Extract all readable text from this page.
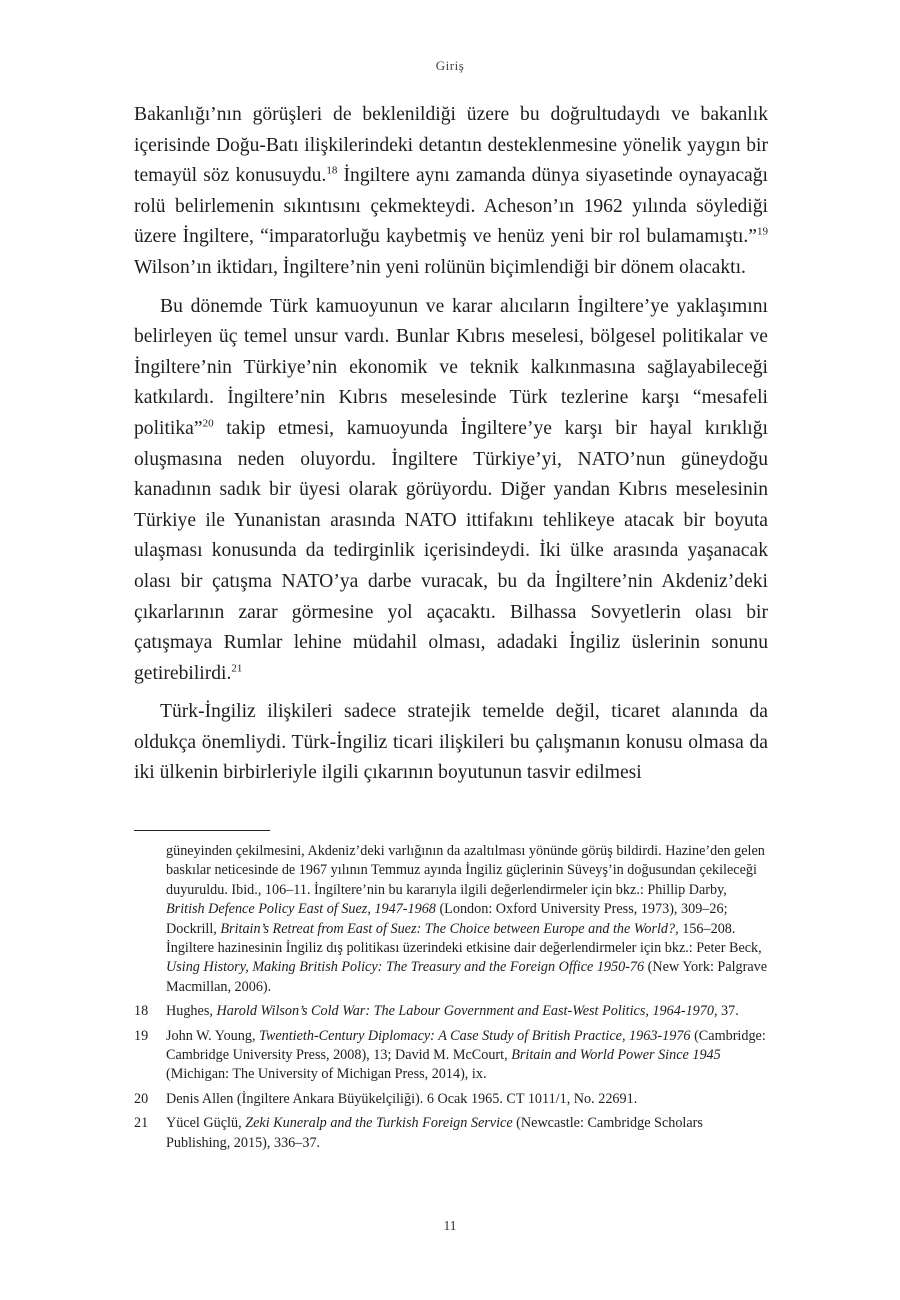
Giriş

Bakanlığı’nın görüşleri de beklenildiği üzere bu doğrultudaydı ve bakanlık içerisinde Doğu-Batı ilişkilerindeki detantın desteklenmesine yönelik yaygın bir temayül söz konusuydu.$^{18}$ İngiltere aynı zamanda dünya siyasetinde oynayacağı rolü belirlemenin sıkıntısını çekmekteydi. Acheson’ın 1962 yılında söylediği üzere İngiltere, “imparatorluğu kaybetmiş ve henüz yeni bir rol bulamamıştı.”$^{19}$ Wilson’ın iktidarı, İngiltere’nin yeni rolünün biçimlendiği bir dönem olacaktı.

Bu dönemde Türk kamuoyunun ve karar alıcıların İngiltere’ye yaklaşımını belirleyen üç temel unsur vardı. Bunlar Kıbrıs meselesi, bölgesel politikalar ve İngiltere’nin Türkiye’nin ekonomik ve teknik kalkınmasına sağlayabileceği katkılardı. İngiltere’nin Kıbrıs meselesinde Türk tezlerine karşı “mesafeli politika”$^{20}$ takip etmesi, kamuoyunda İngiltere’ye karşı bir hayal kırıklığı oluşmasına neden oluyordu. İngiltere Türkiye’yi, NATO’nun güneydoğu kanadının sadık bir üyesi olarak görüyordu. Diğer yandan Kıbrıs meselesinin Türkiye ile Yunanistan arasında NATO ittifakını tehlikeye atacak bir boyuta ulaşması konusunda da tedirginlik içerisindeydi. İki ülke arasında yaşanacak olası bir çatışma NATO’ya darbe vuracak, bu da İngiltere’nin Akdeniz’deki çıkarlarının zarar görmesine yol açacaktı. Bilhassa Sovyetlerin olası bir çatışmaya Rumlar lehine müdahil olması, adadaki İngiliz üslerinin sonunu getirebilirdi.$^{21}$

Türk-İngiliz ilişkileri sadece stratejik temelde değil, ticaret alanında da oldukça önemliydi. Türk-İngiliz ticari ilişkileri bu çalışmanın konusu olmasa da iki ülkenin birbirleriyle ilgili çıkarının boyutunun tasvir edilmesi

güneyinden çekilmesini, Akdeniz’deki varlığının da azaltılması yönünde görüş bildirdi. Hazine’den gelen baskılar neticesinde de 1967 yılının Temmuz ayında İngiliz güçlerinin Süveyş’in doğusundan çekileceği duyuruldu. Ibid., 106–11. İngiltere’nin bu kararıyla ilgili değerlendirmeler için bkz.: Phillip Darby, British Defence Policy East of Suez, 1947-1968 (London: Oxford University Press, 1973), 309–26; Dockrill, Britain’s Retreat from East of Suez: The Choice between Europe and the World?, 156–208. İngiltere hazinesinin İngiliz dış politikası üzerindeki etkisine dair değerlendirmeler için bkz.: Peter Beck, Using History, Making British Policy: The Treasury and the Foreign Office 1950-76 (New York: Palgrave Macmillan, 2006).
18	Hughes, Harold Wilson’s Cold War: The Labour Government and East-West Politics, 1964-1970, 37.
19	John W. Young, Twentieth-Century Diplomacy: A Case Study of British Practice, 1963-1976 (Cambridge: Cambridge University Press, 2008), 13; David M. McCourt, Britain and World Power Since 1945 (Michigan: The University of Michigan Press, 2014), ix.
20	Denis Allen (İngiltere Ankara Büyükelçiliği). 6 Ocak 1965. CT 1011/1, No. 22691.
21	Yücel Güçlü, Zeki Kuneralp and the Turkish Foreign Service (Newcastle: Cambridge Scholars Publishing, 2015), 336–37.
11
